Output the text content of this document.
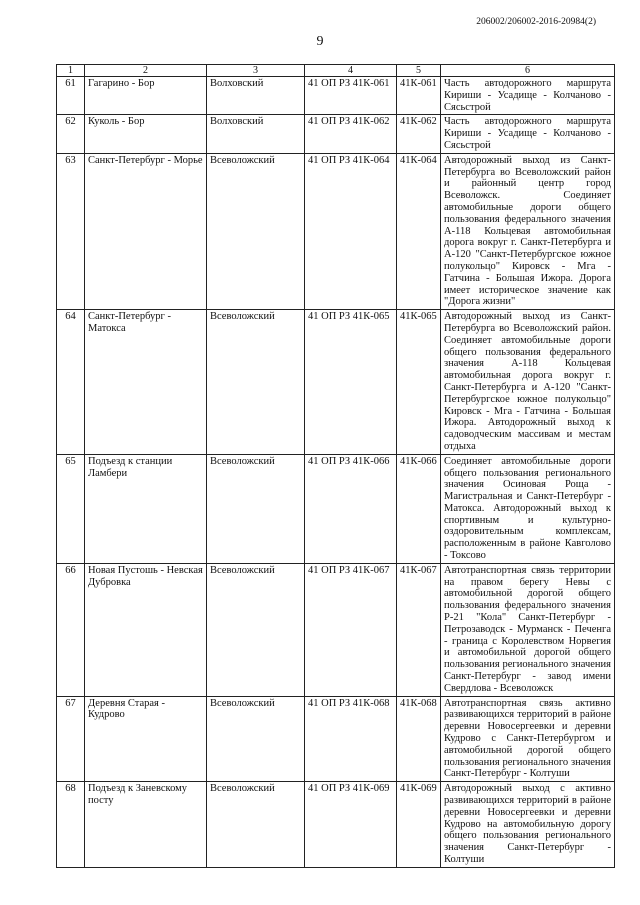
206002/206002-2016-20984(2)
9
1	2	3	4	5	6
61	Гагарино - Бор	Волховский	41 ОП РЗ 41К-061	41К-061	Часть автодорожного маршрута Кириши - Усадище - Колчаново - Сясьстрой
62	Куколь - Бор	Волховский	41 ОП РЗ 41К-062	41К-062	Часть автодорожного маршрута Кириши - Усадище - Колчаново - Сясьстрой
63	Санкт-Петербург - Морье	Всеволожский	41 ОП РЗ 41К-064	41К-064	Автодорожный выход из Санкт-Петербурга во Всеволожский район и районный центр город Всеволожск. Соединяет автомобильные дороги общего пользования федерального значения А-118 Кольцевая автомобильная дорога вокруг г. Санкт-Петербурга и А-120 "Санкт-Петербургское южное полукольцо" Кировск - Мга - Гатчина - Большая Ижора. Дорога имеет историческое значение как "Дорога жизни"
64	Санкт-Петербург - Матокса	Всеволожский	41 ОП РЗ 41К-065	41К-065	Автодорожный выход из Санкт-Петербурга во Всеволожский район. Соединяет автомобильные дороги общего пользования федерального значения А-118 Кольцевая автомобильная дорога вокруг г. Санкт-Петербурга и А-120 "Санкт-Петербургское южное полукольцо" Кировск - Мга - Гатчина - Большая Ижора. Автодорожный выход к садоводческим массивам и местам отдыха
65	Подъезд к станции Ламбери	Всеволожский	41 ОП РЗ 41К-066	41К-066	Соединяет автомобильные дороги общего пользования регионального значения Осиновая Роща - Магистральная и Санкт-Петербург - Матокса. Автодорожный выход к спортивным и культурно-оздоровительным комплексам, расположенным в районе Кавголово - Токсово
66	Новая Пустошь - Невская Дубровка	Всеволожский	41 ОП РЗ 41К-067	41К-067	Автотранспортная связь территории на правом берегу Невы с автомобильной дорогой общего пользования федерального значения Р-21 "Кола" Санкт-Петербург - Петрозаводск - Мурманск - Печенга - граница с Королевством Норвегия и автомобильной дорогой общего пользования регионального значения Санкт-Петербург - завод имени Свердлова - Всеволожск
67	Деревня Старая - Кудрово	Всеволожский	41 ОП РЗ 41К-068	41К-068	Автотранспортная связь активно развивающихся территорий в районе деревни Новосергеевки и деревни Кудрово с Санкт-Петербургом и автомобильной дорогой общего пользования регионального значения Санкт-Петербург - Колтуши
68	Подъезд к Заневскому посту	Всеволожский	41 ОП РЗ 41К-069	41К-069	Автодорожный выход с активно развивающихся территорий в районе деревни Новосергеевки и деревни Кудрово на автомобильную дорогу общего пользования регионального значения Санкт-Петербург - Колтуши
